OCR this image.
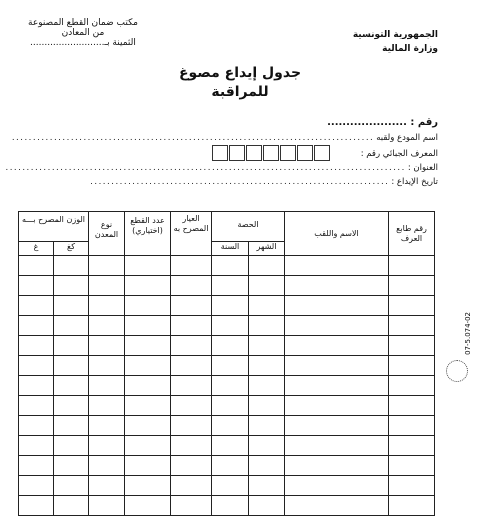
الجمهورية التونسية
وزارة المالية
مكتب ضمان القطع المصنوعة
من المعادن
الثمينة بـ..........................
جدول إيداع مصوغ
للمراقبة
رقم : .....................
اسم المودع ولقبه ......................................................................................
المعرف الجبائي رقم :
العنوان : ...............................................................................................
تاريخ الإيداع : .......................................................................
رقم طابع العرف	الاسم واللقب	الحصة		العيار المصرح به	عدد القطع (اختياري)	نوع المعدن	الوزن المصرح بـــه	
		الشهر	السنة				كغ	غ

07-5.074-02
